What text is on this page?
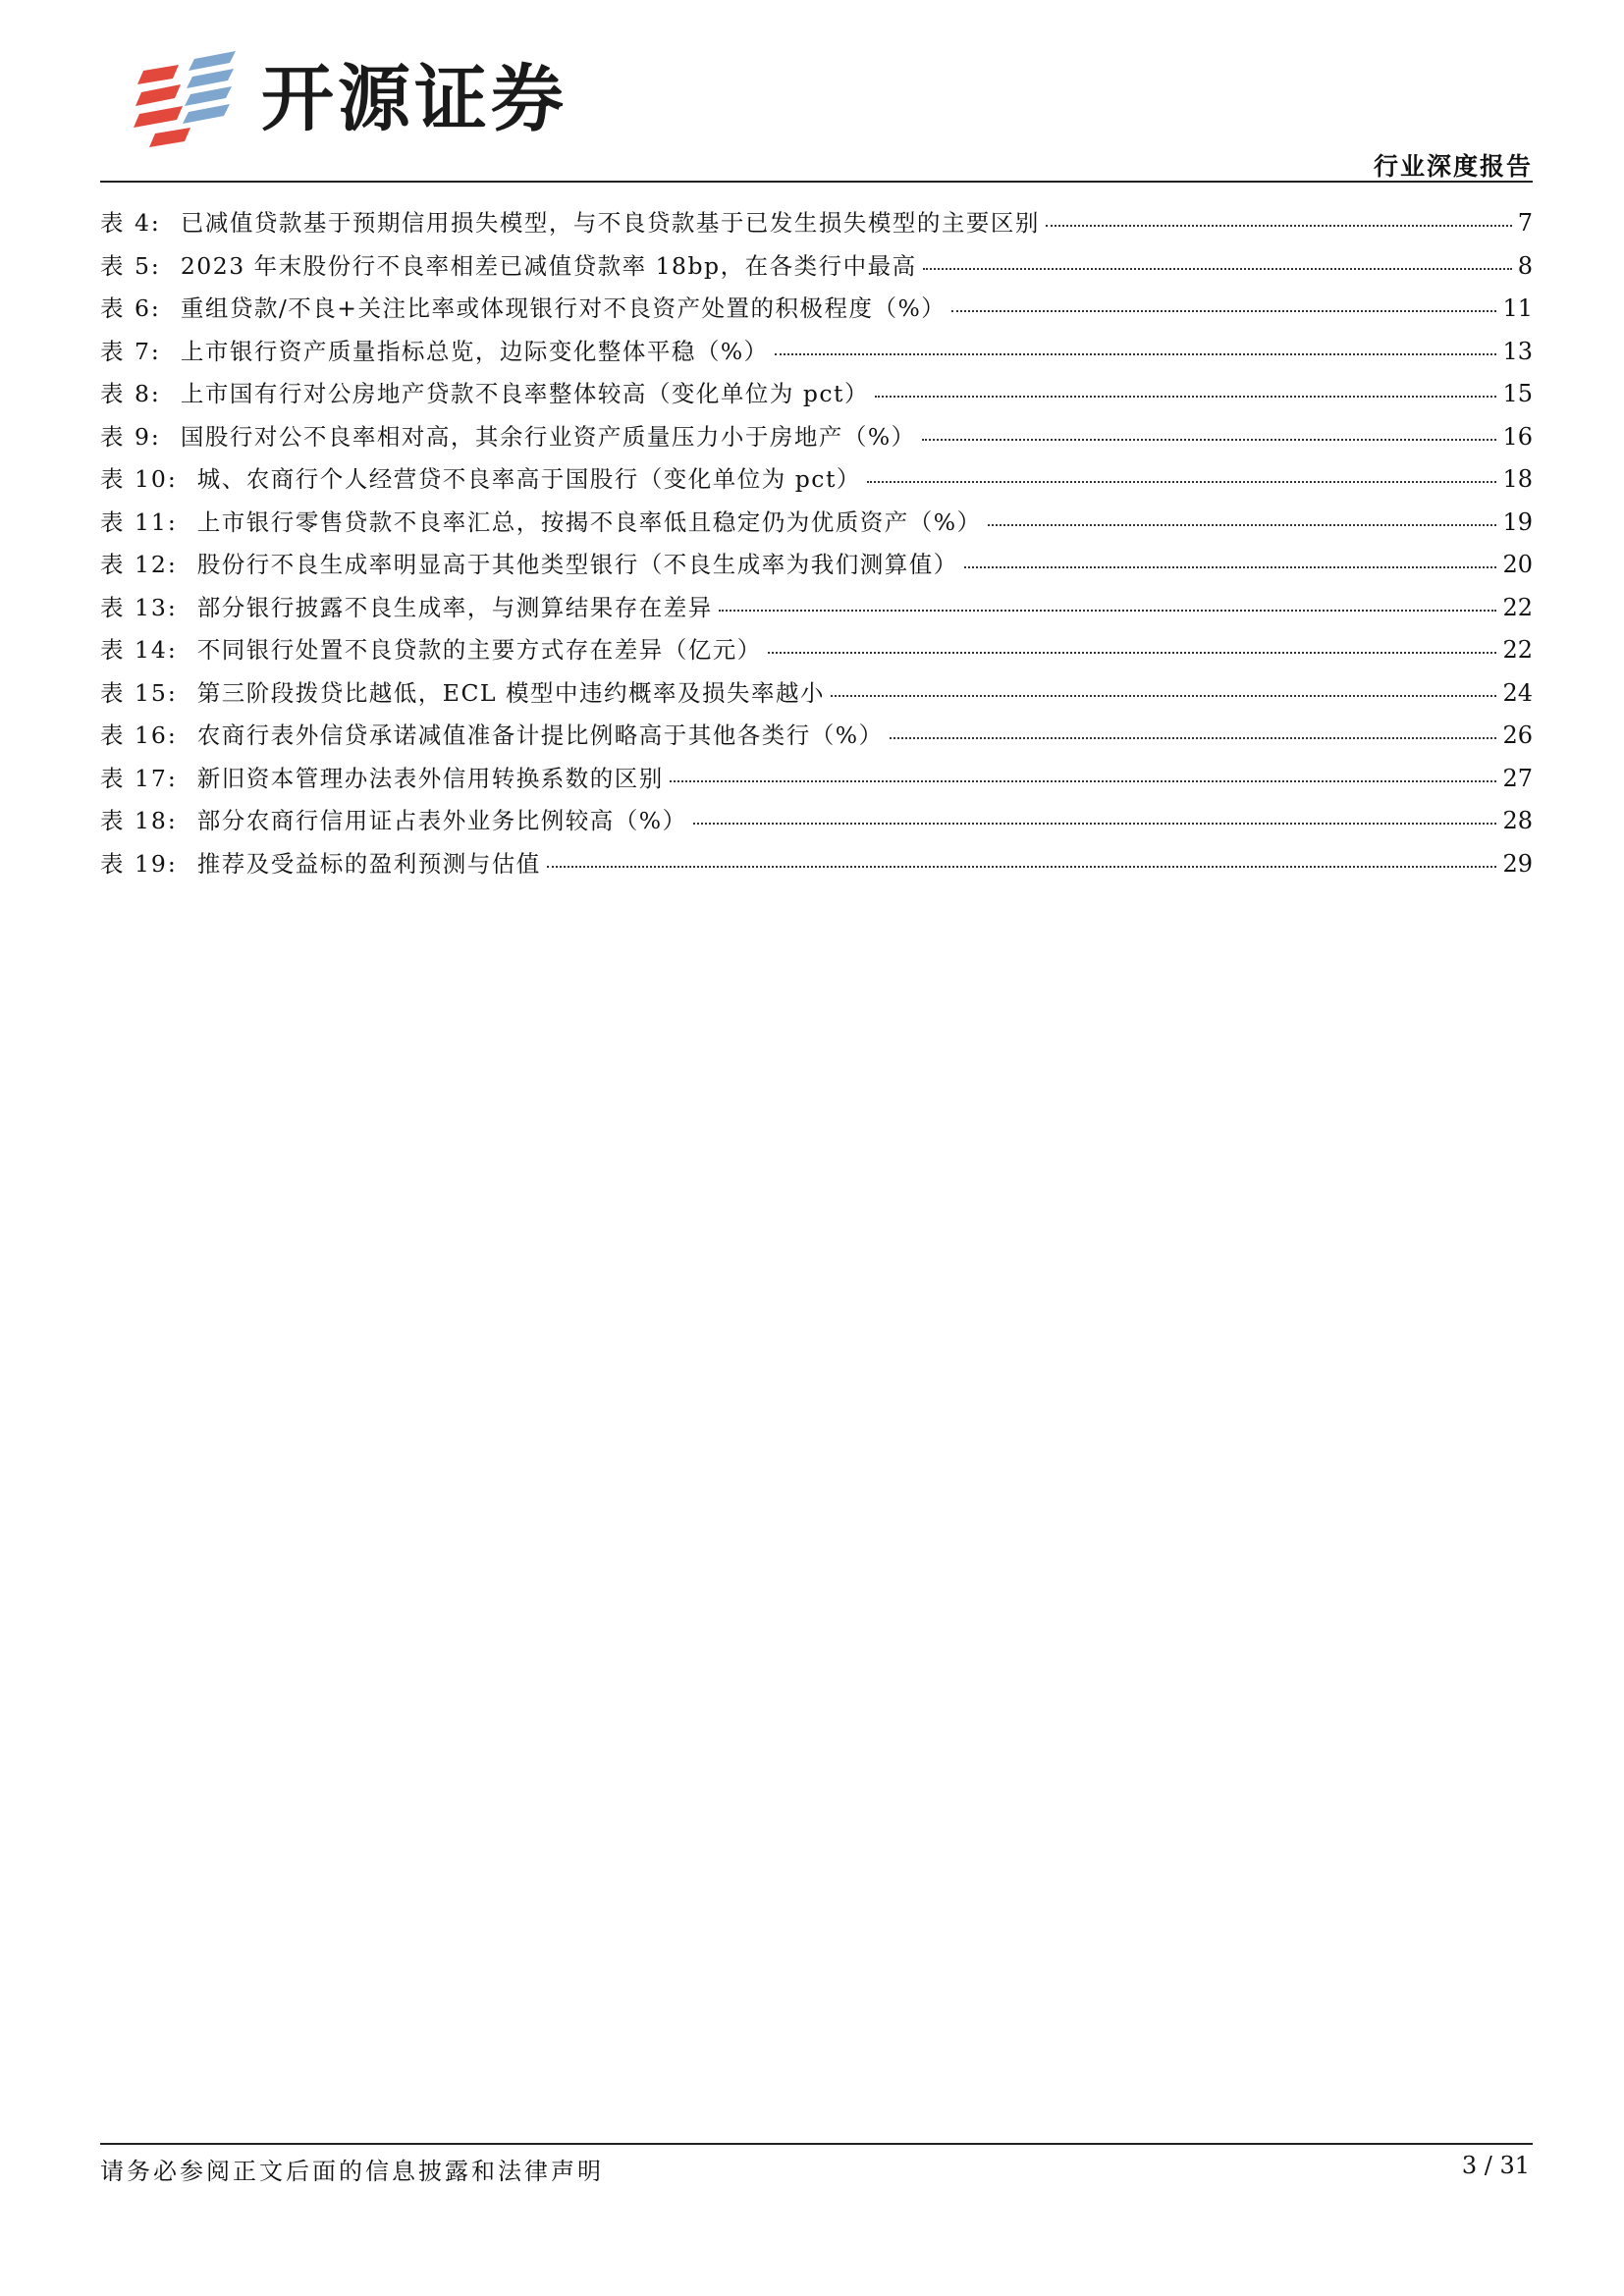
开源证券
行业深度报告
表 4: 已减值贷款基于预期信用损失模型，与不良贷款基于已发生损失模型的主要区别	7
表 5: 2023 年末股份行不良率相差已减值贷款率 18bp，在各类行中最高	8
表 6: 重组贷款/不良+关注比率或体现银行对不良资产处置的积极程度（%）	11
表 7: 上市银行资产质量指标总览，边际变化整体平稳（%）	13
表 8: 上市国有行对公房地产贷款不良率整体较高（变化单位为 pct）	15
表 9: 国股行对公不良率相对高，其余行业资产质量压力小于房地产（%）	16
表 10: 城、农商行个人经营贷不良率高于国股行（变化单位为 pct）	18
表 11: 上市银行零售贷款不良率汇总，按揭不良率低且稳定仍为优质资产（%）	19
表 12: 股份行不良生成率明显高于其他类型银行（不良生成率为我们测算值）	20
表 13: 部分银行披露不良生成率，与测算结果存在差异	22
表 14: 不同银行处置不良贷款的主要方式存在差异（亿元）	22
表 15: 第三阶段拨贷比越低，ECL 模型中违约概率及损失率越小	24
表 16: 农商行表外信贷承诺减值准备计提比例略高于其他各类行（%）	26
表 17: 新旧资本管理办法表外信用转换系数的区别	27
表 18: 部分农商行信用证占表外业务比例较高（%）	28
表 19: 推荐及受益标的盈利预测与估值	29
请务必参阅正文后面的信息披露和法律声明	3 / 31
